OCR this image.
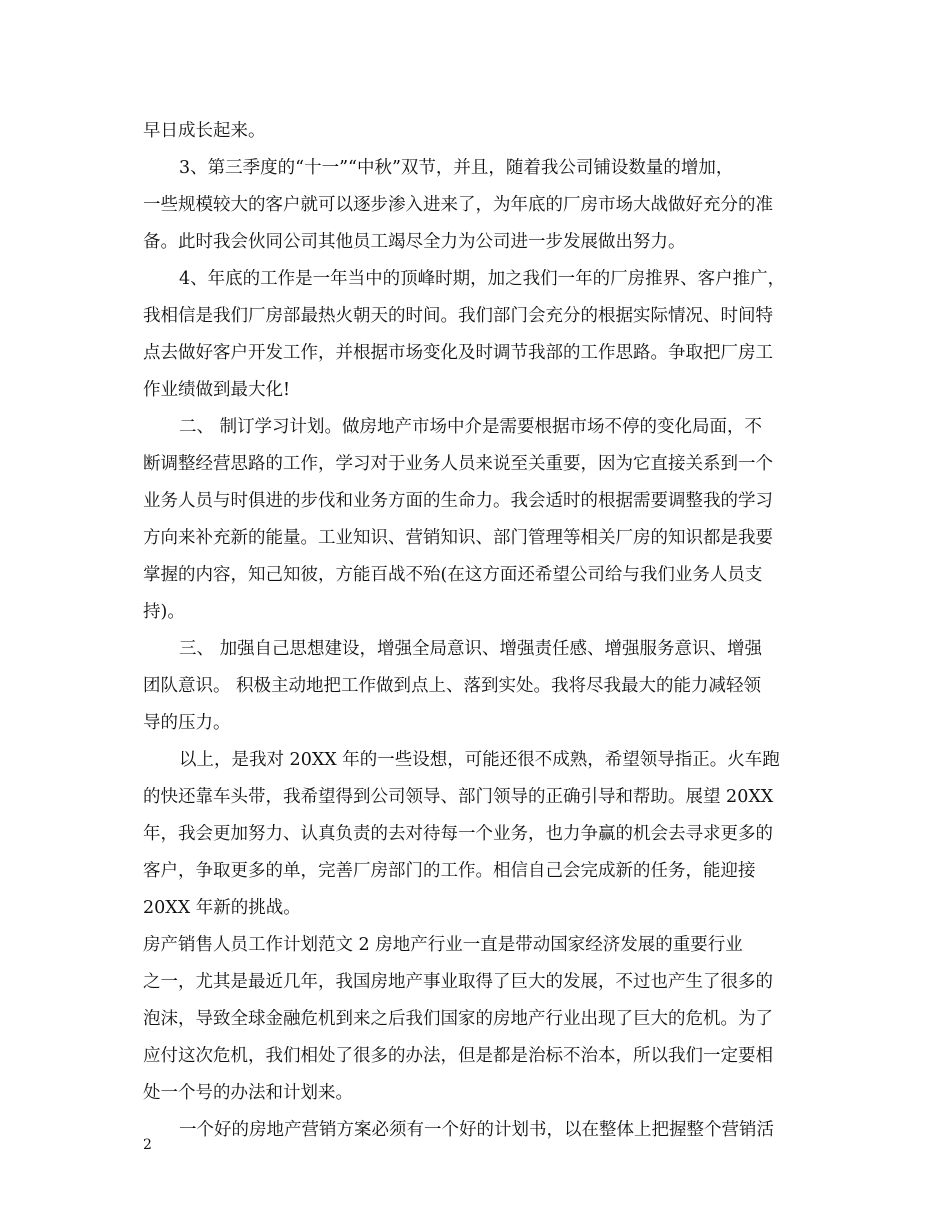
早日成长起来。
3、第三季度的“十一”“中秋”双节，并且，随着我公司铺设数量的增加，
一些规模较大的客户就可以逐步渗入进来了，为年底的厂房市场大战做好充分的准
备。此时我会伙同公司其他员工竭尽全力为公司进一步发展做出努力。
4、年底的工作是一年当中的顶峰时期，加之我们一年的厂房推界、客户推广，
我相信是我们厂房部最热火朝天的时间。我们部门会充分的根据实际情况、时间特
点去做好客户开发工作，并根据市场变化及时调节我部的工作思路。争取把厂房工
作业绩做到最大化!
二、 制订学习计划。做房地产市场中介是需要根据市场不停的变化局面，不
断调整经营思路的工作，学习对于业务人员来说至关重要，因为它直接关系到一个
业务人员与时俱进的步伐和业务方面的生命力。我会适时的根据需要调整我的学习
方向来补充新的能量。工业知识、营销知识、部门管理等相关厂房的知识都是我要
掌握的内容，知己知彼，方能百战不殆(在这方面还希望公司给与我们业务人员支
持)。
三、 加强自己思想建设，增强全局意识、增强责任感、增强服务意识、增强
团队意识。 积极主动地把工作做到点上、落到实处。我将尽我最大的能力减轻领
导的压力。
以上，是我对 20XX 年的一些设想，可能还很不成熟，希望领导指正。火车跑
的快还靠车头带，我希望得到公司领导、部门领导的正确引导和帮助。展望 20XX
年，我会更加努力、认真负责的去对待每一个业务，也力争赢的机会去寻求更多的
客户，争取更多的单，完善厂房部门的工作。相信自己会完成新的任务，能迎接
20XX 年新的挑战。
房产销售人员工作计划范文 2 房地产行业一直是带动国家经济发展的重要行业
之一，尤其是最近几年，我国房地产事业取得了巨大的发展，不过也产生了很多的
泡沫，导致全球金融危机到来之后我们国家的房地产行业出现了巨大的危机。为了
应付这次危机，我们相处了很多的办法，但是都是治标不治本，所以我们一定要相
处一个号的办法和计划来。
一个好的房地产营销方案必须有一个好的计划书，以在整体上把握整个营销活
2
